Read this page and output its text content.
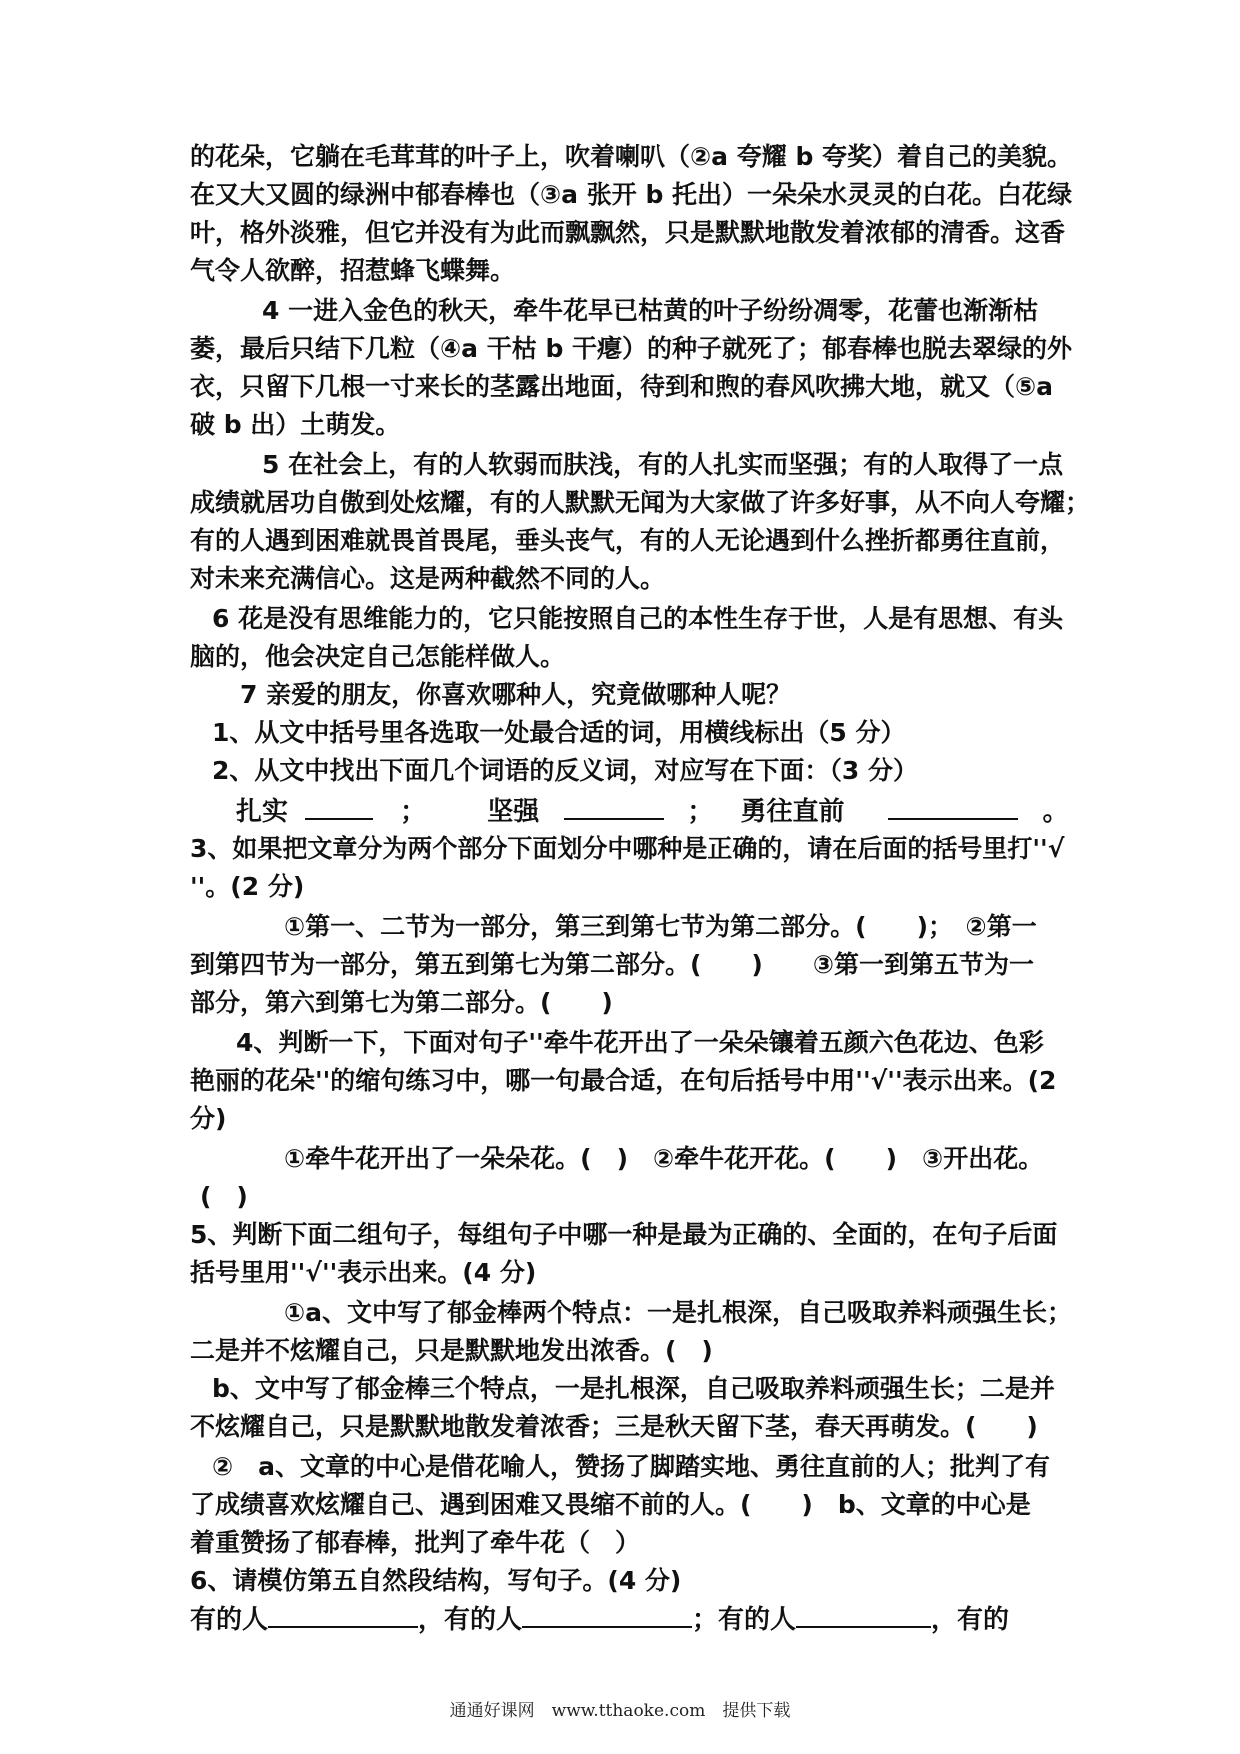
的花朵，它躺在毛茸茸的叶子上，吹着喇叭（②a 夸耀 b 夸奖）着自己的美貌。
在又大又圆的绿洲中郁春棒也（③a 张开 b 托出）一朵朵水灵灵的白花。白花绿
叶，格外淡雅，但它并没有为此而飘飘然，只是默默地散发着浓郁的清香。这香
气令人欲醉，招惹蜂飞蝶舞。
4 一进入金色的秋天，牵牛花早已枯黄的叶子纷纷凋零，花蕾也渐渐枯
萎，最后只结下几粒（④a 干枯 b 干瘪）的种子就死了；郁春棒也脱去翠绿的外
衣，只留下几根一寸来长的茎露出地面，待到和煦的春风吹拂大地，就又（⑤a
破 b 出）土萌发。
5 在社会上，有的人软弱而肤浅，有的人扎实而坚强；有的人取得了一点
成绩就居功自傲到处炫耀，有的人默默无闻为大家做了许多好事，从不向人夸耀；
有的人遇到困难就畏首畏尾，垂头丧气，有的人无论遇到什么挫折都勇往直前，
对未来充满信心。这是两种截然不同的人。
6 花是没有思维能力的，它只能按照自己的本性生存于世，人是有思想、有头
脑的，他会决定自己怎能样做人。
7 亲爱的朋友，你喜欢哪种人，究竟做哪种人呢？
1、从文中括号里各选取一处最合适的词，用横线标出（5 分）
2、从文中找出下面几个词语的反义词，对应写在下面：（3 分）
扎实	； 坚强	； 勇往直前	。
3、如果把文章分为两个部分下面划分中哪种是正确的，请在后面的括号里打''√
''。(2 分)
①第一、二节为一部分，第三到第七节为第二部分。(　　)；　②第一
到第四节为一部分，第五到第七为第二部分。(　　)　　③第一到第五节为一
部分，第六到第七为第二部分。(　　)
4、判断一下，下面对句子''牵牛花开出了一朵朵镶着五颜六色花边、色彩
艳丽的花朵''的缩句练习中，哪一句最合适，在句后括号中用''√''表示出来。(2
分)
①牵牛花开出了一朵朵花。(　)　②牵牛花开花。(　　)　③开出花。
(　)
5、判断下面二组句子，每组句子中哪一种是最为正确的、全面的，在句子后面
括号里用''√''表示出来。(4 分)
①a、文中写了郁金棒两个特点：一是扎根深，自己吸取养料顽强生长；
二是并不炫耀自己，只是默默地发出浓香。(　)
b、文中写了郁金棒三个特点，一是扎根深，自己吸取养料顽强生长；二是并
不炫耀自己，只是默默地散发着浓香；三是秋天留下茎，春天再萌发。(　　)
②　a、文章的中心是借花喻人，赞扬了脚踏实地、勇往直前的人；批判了有
了成绩喜欢炫耀自己、遇到困难又畏缩不前的人。(　　)　b、文章的中心是
着重赞扬了郁春棒，批判了牵牛花（　）
6、请模仿第五自然段结构，写句子。(4 分)
有的人	，有的人	；有的人	，有的
通通好课网　www.tthaoke.com　提供下载
